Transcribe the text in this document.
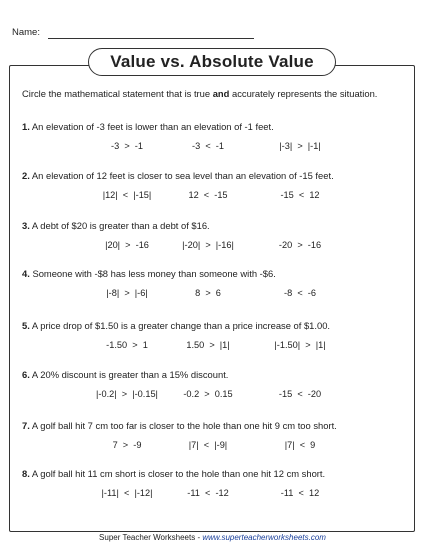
Name:
Value vs. Absolute Value
Circle the mathematical statement that is true and accurately represents the situation.
1. An elevation of -3 feet is lower than an elevation of -1 feet.
-3  >  -1	-3  <  -1	|-3|  >  |-1|
2. An elevation of 12 feet is closer to sea level than an elevation of -15 feet.
|12|  <  |-15|	12  <  -15	-15  <  12
3. A debt of $20 is greater than a debt of $16.
|20|  >  -16	|-20|  >  |-16|	-20  >  -16
4. Someone with -$8 has less money than someone with -$6.
|-8|  >  |-6|	8  >  6	-8  <  -6
5. A price drop of $1.50 is a greater change than a price increase of $1.00.
-1.50  >  1	1.50  >  |1|	|-1.50|  >  |1|
6. A 20% discount is greater than a 15% discount.
|-0.2|  >  |-0.15|	-0.2  >  0.15	-15  <  -20
7. A golf ball hit 7 cm too far is closer to the hole than one hit 9 cm too short.
7  >  -9	|7|  <  |-9|	|7|  <  9
8. A golf ball hit 11 cm short is closer to the hole than one hit 12 cm short.
|-11|  <  |-12|	-11  <  -12	-11  <  12
Super Teacher Worksheets - www.superteacherworksheets.com
